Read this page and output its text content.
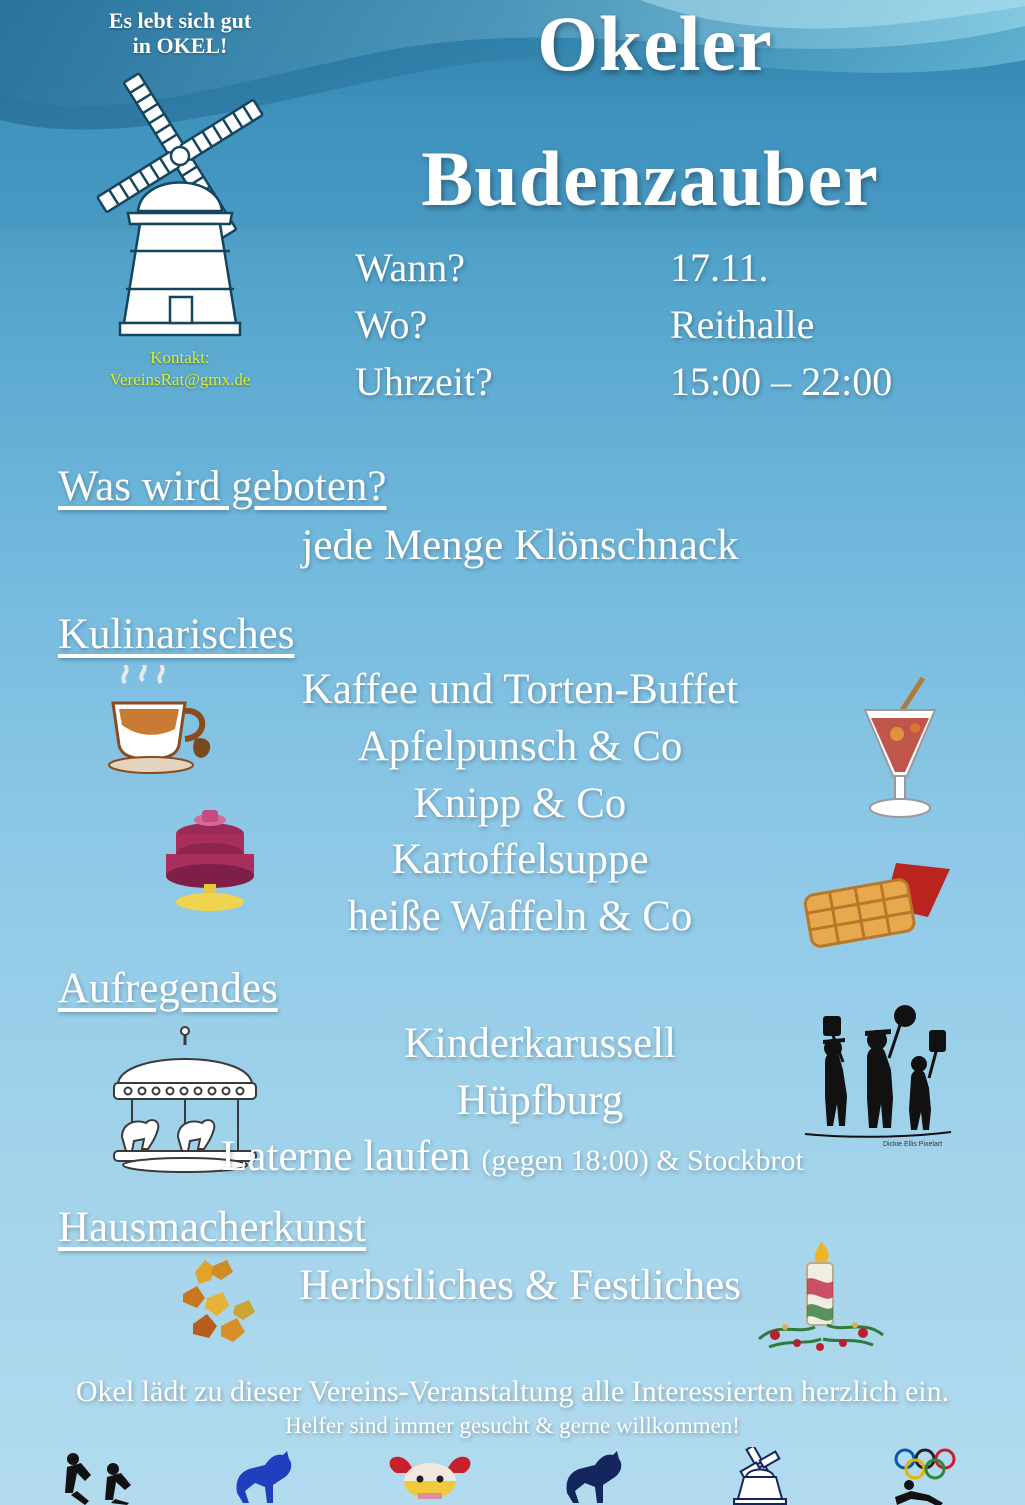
Es lebt sich gut
in OKEL!
Kontakt:
VereinsRat@gmx.de
Okeler
Budenzauber
Wann?	17.11.
Wo?	Reithalle
Uhrzeit?	15:00 – 22:00
Was wird geboten?
jede Menge Klönschnack
Kulinarisches
Kaffee und Torten-Buffet
Apfelpunsch & Co
Knipp & Co
Kartoffelsuppe
heiße Waffeln & Co
Aufregendes
Kinderkarussell
Hüpfburg
Laterne laufen (gegen 18:00) & Stockbrot	Dickie Ellis Pixelart
Hausmacherkunst
Herbstliches & Festliches
Okel lädt zu dieser Vereins-Veranstaltung alle Interessierten herzlich ein.
Helfer sind immer gesucht & gerne willkommen!
